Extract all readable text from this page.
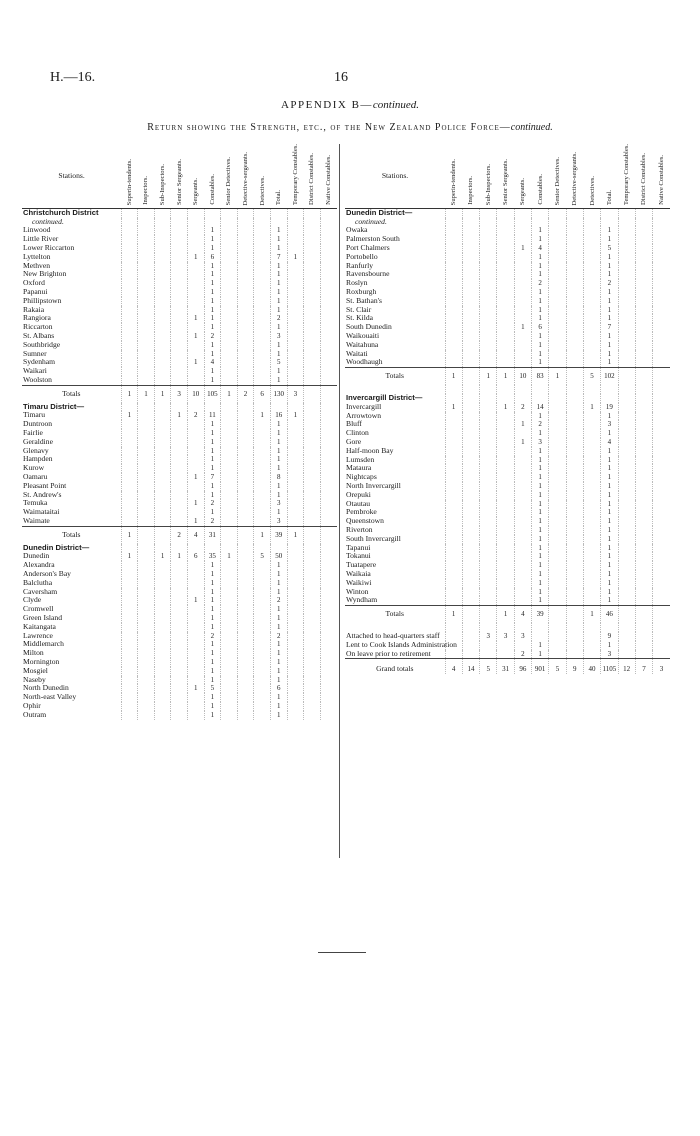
H.—16.	16
APPENDIX B—continued.
Return showing the Strength, etc., of the New Zealand Police Force—continued.
Stations.	Superin-tendents.	Inspectors.	Sub-Inspectors.	Senior Sergeants.	Sergeants.	Constables.	Senior Detectives.	Detective-sergeants.	Detectives.	Total.	Temporary Constables.	District Constables.	Native Constables.
Christchurch District													
continued.													
Linwood						1				1			
Little River						1				1			
Lower Riccarton						1				1			
Lyttelton					1	6				7	1		
Methven						1				1			
New Brighton						1				1			
Oxford						1				1			
Papanui						1				1			
Phillipstown						1				1			
Rakaia						1				1			
Rangiora					1	1				2			
Riccarton						1				1			
St. Albans					1	2				3			
Southbridge						1				1			
Sumner						1				1			
Sydenham					1	4				5			
Waikari						1				1			
Woolston						1				1			
Totals	1	1	1	3	10	105	1	2	6	130	3		
Timaru District—													
Timaru	1			1	2	11			1	16	1		
Duntroon						1				1			
Fairlie						1				1			
Geraldine						1				1			
Glenavy						1				1			
Hampden						1				1			
Kurow						1				1			
Oamaru					1	7				8			
Pleasant Point						1				1			
St. Andrew's						1				1			
Temuka					1	2				3			
Waimataitai						1				1			
Waimate					1	2				3			
Totals	1			2	4	31			1	39	1		
Dunedin District—													
Dunedin	1		1	1	6	35	1		5	50			
Alexandra						1				1			
Anderson's Bay						1				1			
Balclutha						1				1			
Caversham						1				1			
Clyde					1	1				2			
Cromwell						1				1			
Green Island						1				1			
Kaitangata						1				1			
Lawrence						2				2			
Middlemarch						1				1			
Milton						1				1			
Mornington						1				1			
Mosgiel						1				1			
Naseby						1				1			
North Dunedin					1	5				6			
North-east Valley						1				1			
Ophir						1				1			
Outram						1				1			
Stations.	Superin-tendents.	Inspectors.	Sub-Inspectors.	Senior Sergeants.	Sergeants.	Constables.	Senior Detectives.	Detective-sergeants.	Detectives.	Total.	Temporary Constables.	District Constables.	Native Constables.
Dunedin District—													
continued.													
Owaka						1				1			
Palmerston South						1				1			
Port Chalmers					1	4				5			
Portobello						1				1			
Ranfurly						1				1			
Ravensbourne						1				1			
Roslyn						2				2			
Roxburgh						1				1			
St. Bathan's						1				1			
St. Clair						1				1			
St. Kilda						1				1			
South Dunedin					1	6				7			
Waikouaiti						1				1			
Waitahuna						1				1			
Waitati						1				1			
Woodhaugh						1				1			
Totals	1		1	1	10	83	1		5	102			

Invercargill District—													
Invercargill	1			1	2	14			1	19			
Arrowtown						1				1			
Bluff					1	2				3			
Clinton						1				1			
Gore					1	3				4			
Half-moon Bay						1				1			
Lumsden						1				1			
Mataura						1				1			
Nightcaps						1				1			
North Invercargill						1				1			
Orepuki						1				1			
Otautau						1				1			
Pembroke						1				1			
Queenstown						1				1			
Riverton						1				1			
South Invercargill						1				1			
Tapanui						1				1			
Tokanui						1				1			
Tuatapere						1				1			
Waikaia						1				1			
Waikiwi						1				1			
Winton						1				1			
Wyndham						1				1			
Totals	1			1	4	39			1	46			

Attached to head-quarters staff			3	3	3					9			
Lent to Cook Islands Administration						1				1			
On leave prior to retirement					2	1				3			
Grand totals	4	14	5	31	96	901	5	9	40	1105	12	7	3
